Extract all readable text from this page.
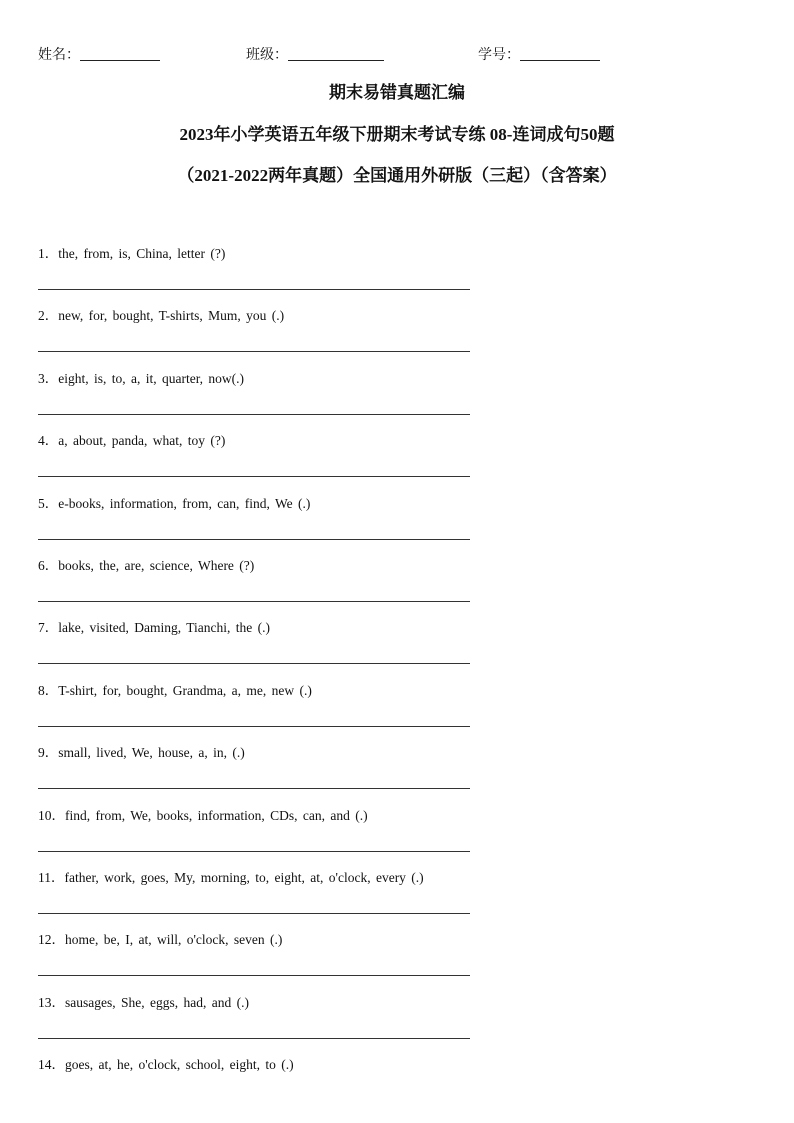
姓名：	班级：	学号：
期末易错真题汇编
2023年小学英语五年级下册期末考试专练 08-连词成句50题
（2021-2022两年真题）全国通用外研版（三起）（含答案）
1．the, from, is, China, letter (?)
2．new, for, bought, T-shirts, Mum, you (.)
3．eight, is, to, a, it, quarter, now(.)
4．a, about, panda, what, toy (?)
5．e-books, information, from, can, find, We (.)
6．books, the, are, science, Where (?)
7．lake, visited, Daming, Tianchi, the (.)
8．T-shirt, for, bought, Grandma, a, me, new (.)
9．small, lived, We, house, a, in, (.)
10．find, from, We, books, information, CDs, can, and (.)
11．father, work, goes, My, morning, to, eight, at, o'clock, every (.)
12．home, be, I, at, will, o'clock, seven (.)
13．sausages, She, eggs, had, and (.)
14．goes, at, he, o'clock, school, eight, to (.)
